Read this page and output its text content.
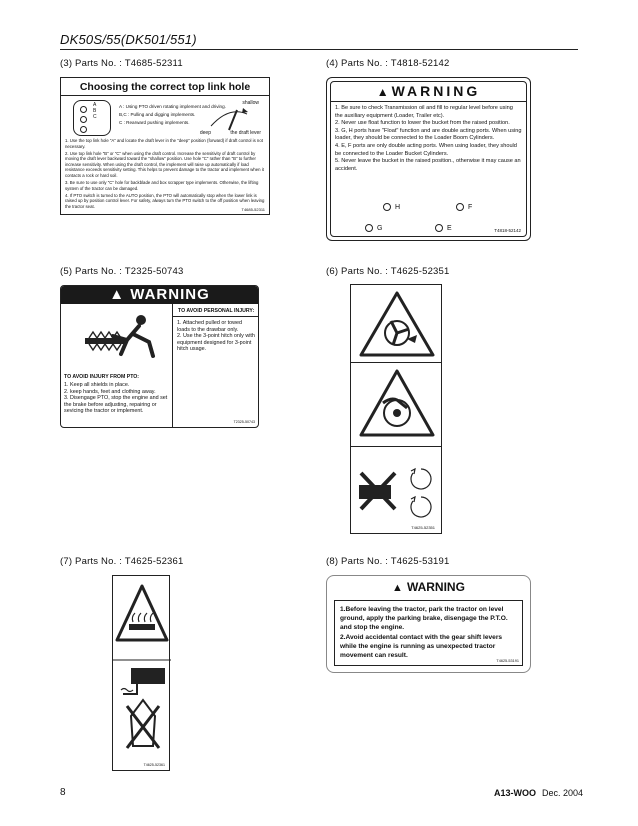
DK50S/55(DK501/551)
(3) Parts No. : T4685-52311	(4) Parts No. : T4818-52142
(5) Parts No. : T2325-50743	(6) Parts No. : T4625-52351
(7) Parts No. : T4625-52361	(8) Parts No. : T4625-53191
Choosing the correct top link hole
A
B
C
A : Using PTO driven rotating implement and driving.
B,C : Pulling and digging implements.
C : Rearward pushing implements.
shallow
deep	the draft lever

1. Use the top link hole "A" and locate the draft lever in the "deep" position (forward) if draft control is not necessary.

2. Use top link hole "B" or "C" when using the draft control. Increase the sensitivity of draft control by moving the draft lever backward toward the "shallow" position. Use hole "C" rather than "B" to further increase sensitivity. When using the draft control, the implement will raise up automatically if load resistance exceeds sensitivity setting. This helps to prevent damage to the tractor and implement when it contacts a rock or hard soil.

3. Be sure to use only "C" hole for backblade and box scrapper type implements. Otherwise, the lifting system of the tractor can be damaged.

4. If PTO switch is turned to the AUTO position, the PTO will automatically stop when the lower link is raised up by position control lever. For safety, always turn the PTO switch to the off position when leaving the tractor seat.

T4685-52311
▲ WARNING
1. Be sure to check Transmission oil and fill to regular level before using the auxiliary equipment (Loader, Trailer etc).
2. Never use float function to lower the bucket from the raised position.
3. G, H ports have "Float" function and are double acting ports. When using loader, they should be connected to the Loader Boom Cylinders.
4. E, F ports are only double acting ports. When using loader, they should be connected to the Loader Bucket Cylinders.
5. Never leave the bucket in the raised position., otherwise it may cause an accident.
H	F
G	E	T4818-52142
▲ WARNING
TO AVOID INJURY FROM PTO:
1. Keep all shields in place.
2. keep hands, feet and clothing away.
3. Disengage PTO, stop the engine and set the brake before adjusting, repairing or sevicing the tractor or implement.
TO AVOID PERSONAL INJURY:
1. Attached pulled or towed loads to the drawbar only.
2. Use the 3-point hitch only with equipment designed for 3-point hitch usage.
T2325-50743
T4625-52351
T4625-52361
▲ WARNING
1.Before leaving the tractor, park the tractor on level ground, apply the parking brake, disengage the P.T.O. and stop the engine.
2.Avoid accidental contact with the gear shift levers while the engine is running as unexpected tractor movement can result.
T4625-53191
8	A13-WOO Dec. 2004
